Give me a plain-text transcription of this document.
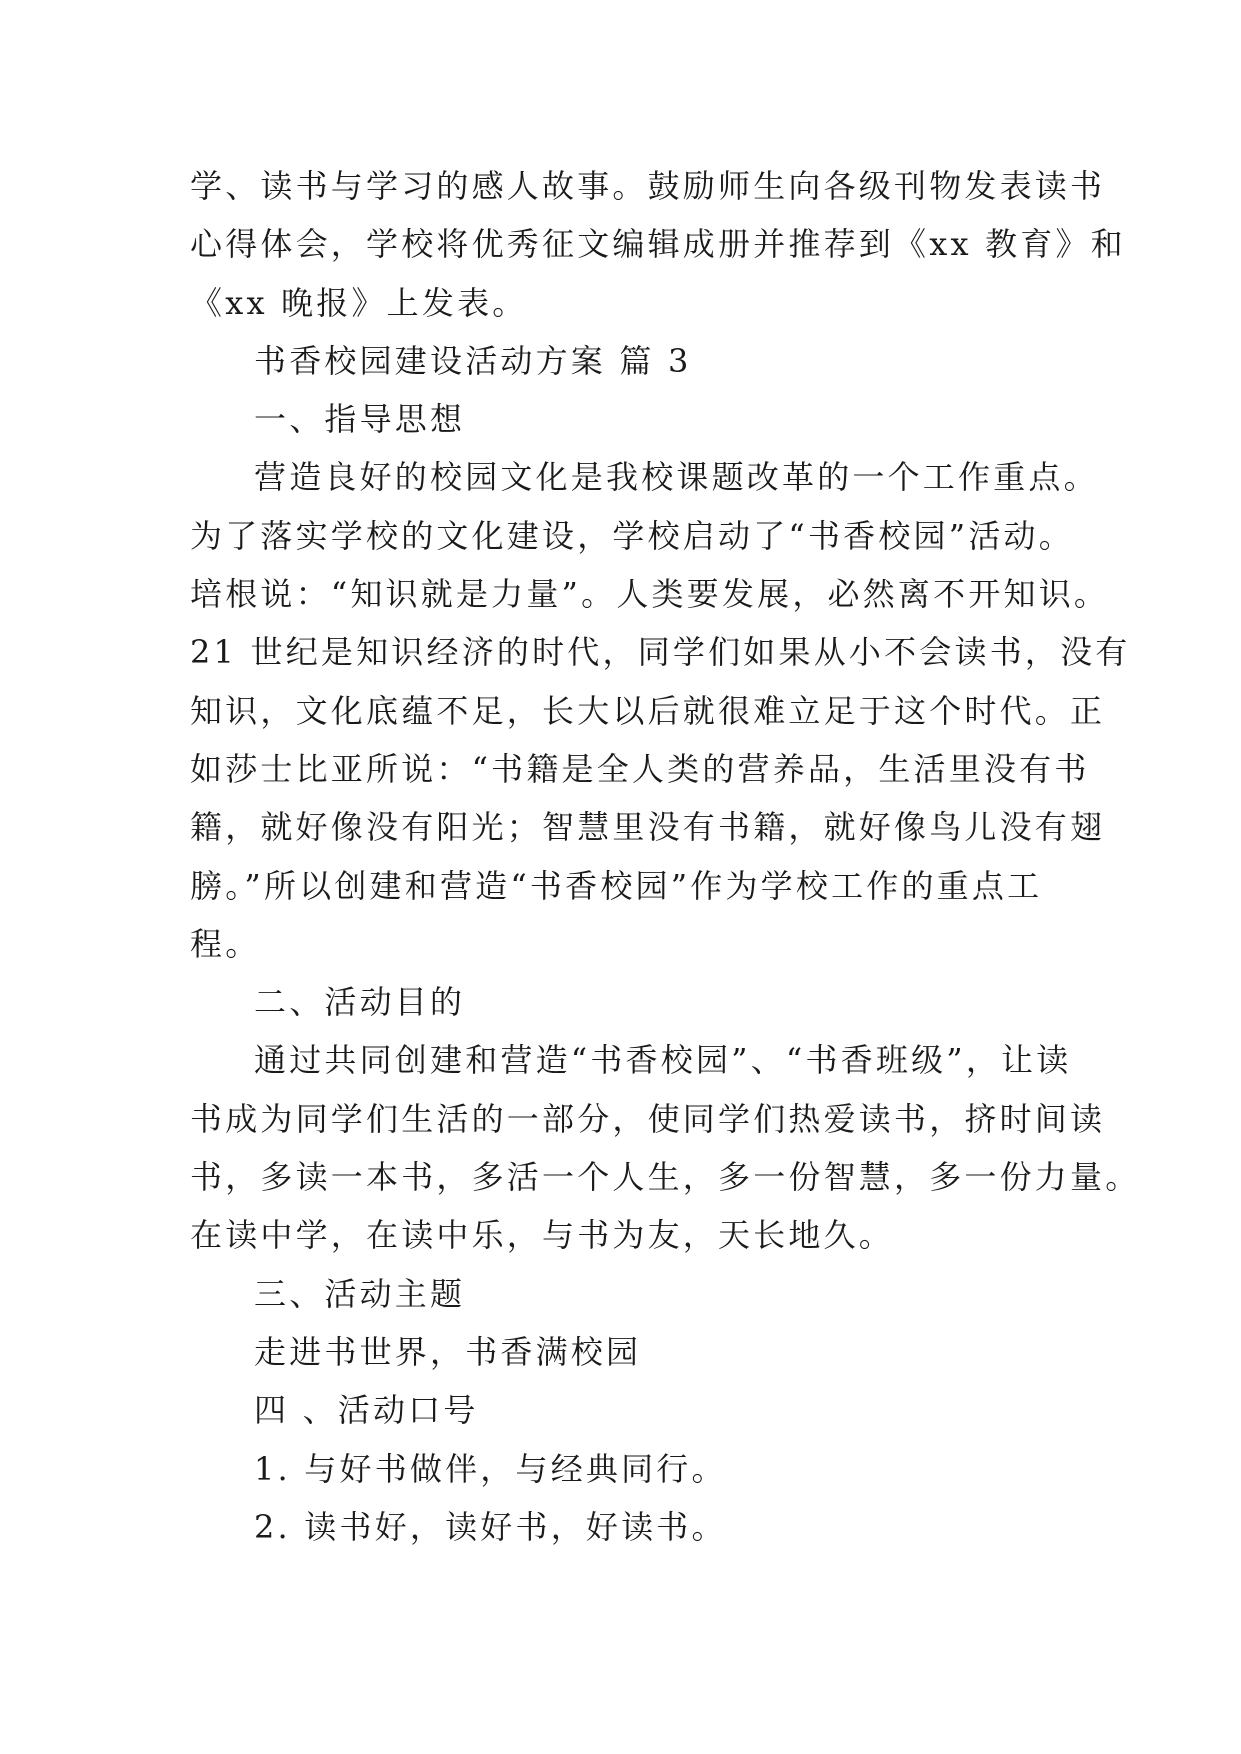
学、读书与学习的感人故事。鼓励师生向各级刊物发表读书
心得体会，学校将优秀征文编辑成册并推荐到《xx 教育》和
《xx 晚报》上发表。
书香校园建设活动方案 篇 3
一、指导思想
营造良好的校园文化是我校课题改革的一个工作重点。
为了落实学校的文化建设，学校启动了“书香校园”活动。
培根说：“知识就是力量”。人类要发展，必然离不开知识。
21 世纪是知识经济的时代，同学们如果从小不会读书，没有
知识，文化底蕴不足，长大以后就很难立足于这个时代。正
如莎士比亚所说：“书籍是全人类的营养品，生活里没有书
籍，就好像没有阳光；智慧里没有书籍，就好像鸟儿没有翅
膀。”所以创建和营造“书香校园”作为学校工作的重点工
程。
二、活动目的
通过共同创建和营造“书香校园”、“书香班级”，让读
书成为同学们生活的一部分，使同学们热爱读书，挤时间读
书，多读一本书，多活一个人生，多一份智慧，多一份力量。
在读中学，在读中乐，与书为友，天长地久。
三、活动主题
走进书世界，书香满校园
四 、活动口号
1. 与好书做伴，与经典同行。
2. 读书好，读好书，好读书。
